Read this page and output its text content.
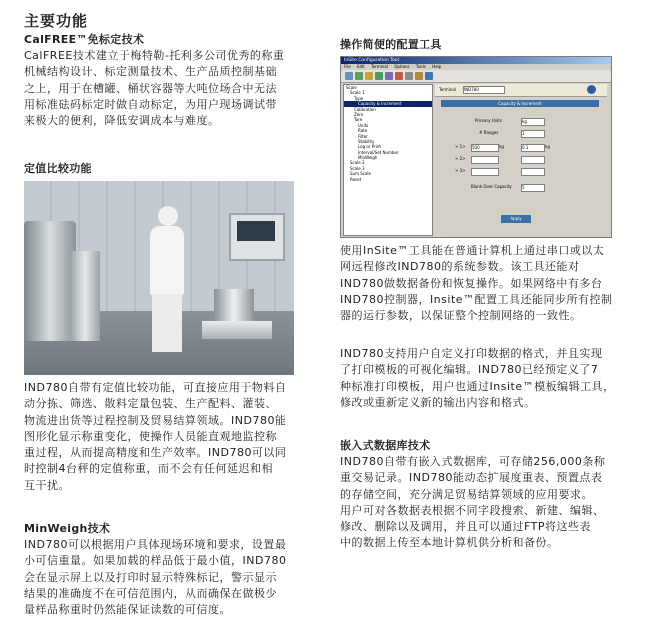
主要功能
CalFREE™免标定技术

CalFREE技术建立于梅特勒-托利多公司优秀的称重

机械结构设计、标定测量技术、生产品质控制基础

之上，用于在槽罐、桶状容器等大吨位场合中无法

用标准砝码标定时做自动标定，为用户现场调试带

来极大的便利，降低安调成本与难度。

定值比较功能

IND780自带有定值比较功能，可直接应用于物料自

动分拣、筛选、散料定量包装、生产配料、灌装、

物流进出货等过程控制及贸易结算领域。IND780能

图形化显示称重变化，使操作人员能直观地监控称

重过程，从而提高精度和生产效率。IND780可以同

时控制4台秤的定值称重，而不会有任何延迟和相

互干扰。

MinWeigh技术

IND780可以根据用户具体现场环境和要求，设置最

小可信重量。如果加载的样品低于最小值，IND780

会在显示屏上以及打印时显示特殊标记，警示显示

结果的准确度不在可信范围内，从而确保在做极少

量样品称重时仍然能保证读数的可信度。

操作简便的配置工具
InSite Configuration Tool
File Edit Terminal Options Tools Help
Scale
Scale 1
Type
Capacity & Increment
Calibration
Zero
Tare
Units
Rate
Filter
Stability
Log or Print
Interval/Set Number
MinWeigh
Scale 2
Scale 3
Sum Scale
Reset
Terminal IND780
Capacity & Increment
Primary Units	kg
# Ranges	1
> 1> 500	kg	0.1	kg
> 2>
> 3>
Blank Over Capacity	5
Apply

使用InSite™工具能在普通计算机上通过串口或以太

网远程修改IND780的系统参数。该工具还能对

IND780做数据备份和恢复操作。如果网络中有多台

IND780控制器，Insite™配置工具还能同步所有控制

器的运行参数，以保证整个控制网络的一致性。

IND780支持用户自定义打印数据的格式，并且实现

了打印模板的可视化编辑。IND780已经预定义了7

种标准打印模板，用户也通过Insite™模板编辑工具，

修改或重新定义新的输出内容和格式。

嵌入式数据库技术

IND780自带有嵌入式数据库，可存储256,000条称

重交易记录。IND780能动态扩展度重表、预置点表

的存储空间，充分满足贸易结算领域的应用要求。

用户可对各数据表根据不同字段搜索、新建、编辑、

修改、删除以及调用，并且可以通过FTP将这些表

中的数据上传至本地计算机供分析和备份。
